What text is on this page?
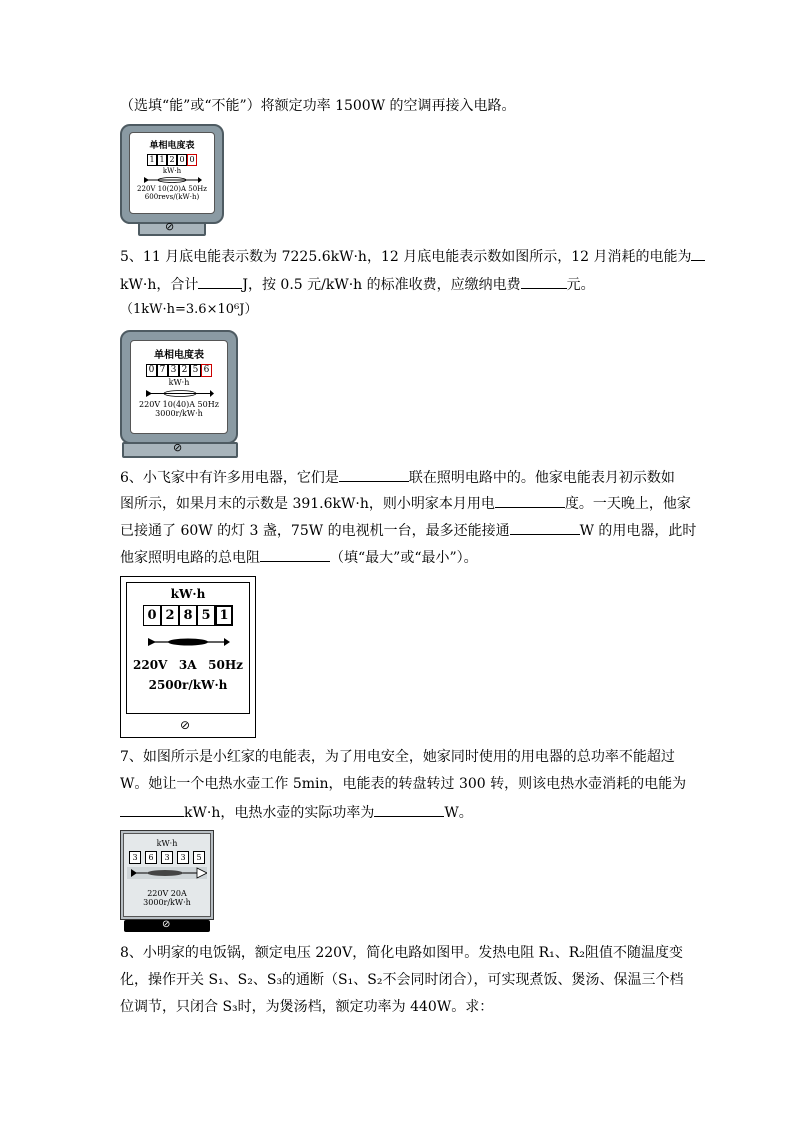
（选填“能”或“不能”）将额定功率 1500W 的空调再接入电路。
单相电度表
1 1 2 0 0
kW·h
220V 10(20)A 50Hz
600revs/(kW·h)
⊘
5、11 月底电能表示数为 7225.6kW·h，12 月底电能表示数如图所示，12 月消耗的电能为
kW·h，合计	J，按 0.5 元/kW·h 的标准收费，应缴纳电费	元。
（1kW·h=3.6×10⁶J）
单相电度表
0 7 3 2 5 6
kW·h
220V 10(40)A 50Hz
3000r/kW·h
⊘
6、小飞家中有许多用电器，它们是	联在照明电路中的。他家电能表月初示数如
图所示，如果月末的示数是 391.6kW·h，则小明家本月用电	度。一天晚上，他家
已接通了 60W 的灯 3 盏，75W 的电视机一台，最多还能接通	W 的用电器，此时
他家照明电路的总电阻	（填“最大”或“最小”）。
kW·h
0 2 8 5 1
220V 3A 50Hz
2500r/kW·h
⊘
7、如图所示是小红家的电能表，为了用电安全，她家同时使用的用电器的总功率不能超过
W。她让一个电热水壶工作 5min，电能表的转盘转过 300 转，则该电热水壶消耗的电能为
kW·h，电热水壶的实际功率为	W。
kW·h
3	6	3	3	5
220V 20A
3000r/kW·h
⊘
8、小明家的电饭锅，额定电压 220V，简化电路如图甲。发热电阻 R₁、R₂阻值不随温度变
化，操作开关 S₁、S₂、S₃的通断（S₁、S₂不会同时闭合），可实现煮饭、煲汤、保温三个档
位调节，只闭合 S₃时，为煲汤档，额定功率为 440W。求：
